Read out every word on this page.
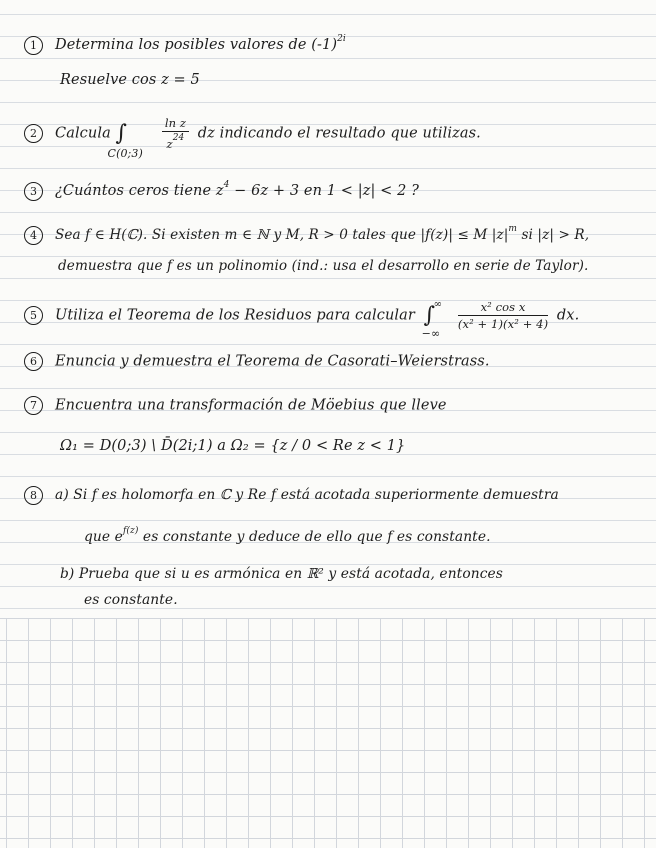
1 Determina los posibles valores de $(-1)^{2i}$
Resuelve cos z = 5
2 Calcula ∫
C(0;3)

$\frac{\text{ln z}}{z^{24}}$ dz indicando el resultado que utilizas.
3 ¿Cuántos ceros tiene $z^4 - 6z + 3$ en 1 < |z| < 2 ?
4 Sea f ∈ H(ℂ). Si existen m ∈ ℕ y M, R > 0 tales que |f(z)| ≤ M $|z|^m$ si |z| > R,
demuestra que f es un polinomio (ind.: usa el desarrollo en serie de Taylor).
5 Utiliza el Teorema de los Residuos para calcular ∫
∞
−∞

$\frac{\text{x² cos x}}{\text{(x² + 1)(x² + 4)}}$ dx.
6 Enuncia y demuestra el Teorema de Casorati–Weierstrass.
7 Encuentra una transformación de Möebius que lleve
Ω₁ = D(0;3) \ D̄(2i;1) a Ω₂ = {z / 0 < Re z < 1}
8 a) Si f es holomorfa en ℂ y Re f está acotada superiormente demuestra
que $e^{f(z)}$ es constante y deduce de ello que f es constante.
b) Prueba que si u es armónica en ℝ² y está acotada, entonces
es constante.
